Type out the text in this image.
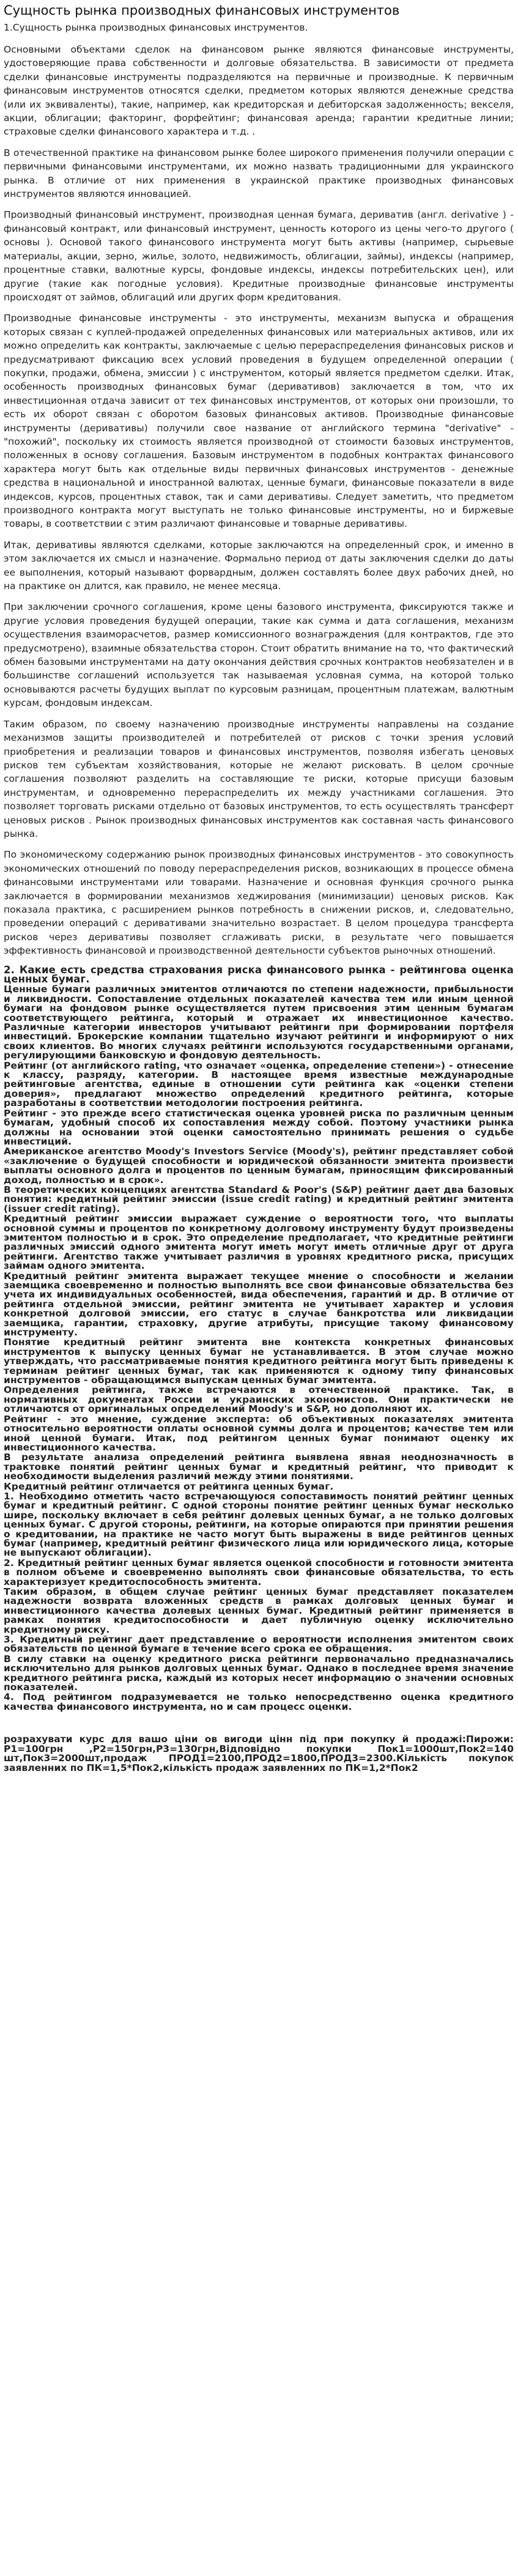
Сущность рынка производных финансовых инструментов
1.Сущность рынка производных финансовых инструментов.

Основными объектами сделок на финансовом рынке являются финансовые инструменты, удостоверяющие права собственности и долговые обязательства. В зависимости от предмета сделки финансовые инструменты подразделяются на первичные и производные. К первичным финансовым инструментов относятся сделки, предметом которых являются денежные средства (или их эквиваленты), такие, например, как кредиторская и дебиторская задолженность; векселя, акции, облигации; факторинг, форфейтинг; финансовая аренда; гарантии кредитные линии; страховые сделки финансового характера и т.д. .

В отечественной практике на финансовом рынке более широкого применения получили операции с первичными финансовыми инструментами, их можно назвать традиционными для украинского рынка. В отличие от них применения в украинской практике производных финансовых инструментов являются инновацией.

Производный финансовый инструмент, производная ценная бумага, дериватив (англ. derivative ) - финансовый контракт, или финансовый инструмент, ценность которого из цены чего-то другого ( основы ). Основой такого финансового инструмента могут быть активы (например, сырьевые материалы, акции, зерно, жилье, золото, недвижимость, облигации, займы), индексы (например, процентные ставки, валютные курсы, фондовые индексы, индексы потребительских цен), или другие (такие как погодные условия). Кредитные производные финансовые инструменты происходят от займов, облигаций или других форм кредитования.

Производные финансовые инструменты - это инструменты, механизм выпуска и обращения которых связан с куплей-продажей определенных финансовых или материальных активов, или их можно определить как контракты, заключаемые с целью перераспределения финансовых рисков и предусматривают фиксацию всех условий проведения в будущем определенной операции ( покупки, продажи, обмена, эмиссии ) с инструментом, который является предметом сделки. Итак, особенность производных финансовых бумаг (деривативов) заключается в том, что их инвестиционная отдача зависит от тех финансовых инструментов, от которых они произошли, то есть их оборот связан с оборотом базовых финансовых активов. Производные финансовые инструменты (деривативы) получили свое название от английского термина "derivative" - "похожий", поскольку их стоимость является производной от стоимости базовых инструментов, положенных в основу соглашения. Базовым инструментом в подобных контрактах финансового характера могут быть как отдельные виды первичных финансовых инструментов - денежные средства в национальной и иностранной валютах, ценные бумаги, финансовые показатели в виде индексов, курсов, процентных ставок, так и сами деривативы. Следует заметить, что предметом производного контракта могут выступать не только финансовые инструменты, но и биржевые товары, в соответствии с этим различают финансовые и товарные деривативы.

Итак, деривативы являются сделками, которые заключаются на определенный срок, и именно в этом заключается их смысл и назначение. Формально период от даты заключения сделки до даты ее выполнения, который называют форвардным, должен составлять более двух рабочих дней, но на практике он длится, как правило, не менее месяца.

При заключении срочного соглашения, кроме цены базового инструмента, фиксируются также и другие условия проведения будущей операции, такие как сумма и дата соглашения, механизм осуществления взаиморасчетов, размер комиссионного вознаграждения (для контрактов, где это предусмотрено), взаимные обязательства сторон. Стоит обратить внимание на то, что фактический обмен базовыми инструментами на дату окончания действия срочных контрактов необязателен и в большинстве соглашений используется так называемая условная сумма, на которой только основываются расчеты будущих выплат по курсовым разницам, процентным платежам, валютным курсам, фондовым индексам.

Таким образом, по своему назначению производные инструменты направлены на создание механизмов защиты производителей и потребителей от рисков с точки зрения условий приобретения и реализации товаров и финансовых инструментов, позволяя избегать ценовых рисков тем субъектам хозяйствования, которые не желают рисковать. В целом срочные соглашения позволяют разделить на составляющие те риски, которые присущи базовым инструментам, и одновременно перераспределить их между участниками соглашения. Это позволяет торговать рисками отдельно от базовых инструментов, то есть осуществлять трансферт ценовых рисков . Рынок производных финансовых инструментов как составная часть финансового рынка.

По экономическому содержанию рынок производных финансовых инструментов - это совокупность экономических отношений по поводу перераспределения рисков, возникающих в процессе обмена финансовыми инструментами или товарами. Назначение и основная функция срочного рынка заключается в формировании механизмов хеджирования (минимизации) ценовых рисков. Как показала практика, с расширением рынков потребность в снижении рисков, и, следовательно, проведении операций с деривативами значительно возрастает. В целом процедура трансферта рисков через деривативы позволяет сглаживать риски, в результате чего повышается эффективность финансовой и производственной деятельности субъектов рыночных отношений.

2. Какие есть средства страхования риска финансового рынка - рейтингова оценка ценных бумаг.

Ценные бумаги различных эмитентов отличаются по степени надежности, прибыльности и ликвидности. Сопоставление отдельных показателей качества тем или иным ценной бумаги на фондовом рынке осуществляется путем присвоения этим ценным бумагам соответствующего рейтинга, который и отражает их инвестиционное качество. Различные категории инвесторов учитывают рейтинги при формировании портфеля инвестиций. Брокерские компании тщательно изучают рейтинги и информируют о них своих клиентов. Во многих случаях рейтинги используются государственными органами, регулирующими банковскую и фондовую деятельность.

Рейтинг (от английского rating, что означает «оценка, определение степени») - отнесение к классу, разряду, категории. В настоящее время известные международные рейтинговые агентства, единые в отношении сути рейтинга как «оценки степени доверия», предлагают множество определений кредитного рейтинга, которые разработаны в соответствии методологии построения рейтинга.

Рейтинг - это прежде всего статистическая оценка уровней риска по различным ценным бумагам, удобный способ их сопоставления между собой. Поэтому участники рынка должны на основании этой оценки самостоятельно принимать решения о судьбе инвестиций.

Американское агентство Moody's Investors Service (Moody's), рейтинг представляет собой «заключение о будущей способности и юридической обязанности эмитента произвести выплаты основного долга и процентов по ценным бумагам, приносящим фиксированный доход, полностью и в срок».

В теоретических концепциях агентства Standard & Poor's (S&P) рейтинг дает два базовых понятия: кредитный рейтинг эмиссии (issue credit rating) и кредитный рейтинг эмитента (issuer credit rating).

Кредитный рейтинг эмиссии выражает суждение о вероятности того, что выплаты основной суммы и процентов по конкретному долговому инструменту будут произведены эмитентом полностью и в срок. Это определение предполагает, что кредитные рейтинги различных эмиссий одного эмитента могут иметь могут иметь отличные друг от друга рейтинги. Агентство также учитывает различия в уровнях кредитного риска, присущих займам одного эмитента.

Кредитный рейтинг эмитента выражает текущее мнение о способности и желании заемщика своевременно и полностью выполнять все свои финансовые обязательства без учета их индивидуальных особенностей, вида обеспечения, гарантий и др. В отличие от рейтинга отдельной эмиссии, рейтинг эмитента не учитывает характер и условия конкретной долговой эмиссии, его статус в случае банкротства или ликвидации заемщика, гарантии, страховку, другие атрибуты, присущие такому финансовому инструменту.

Понятие кредитный рейтинг эмитента вне контекста конкретных финансовых инструментов к выпуску ценных бумаг не устанавливается. В этом случае можно утверждать, что рассматриваемые понятия кредитного рейтинга могут быть приведены к терминам рейтинг ценных бумаг, так как применяются к одному типу финансовых инструментов - обращающимся выпускам ценных бумаг эмитента.

Определения рейтинга, также встречаются в отечественной практике. Так, в нормативных документах России и украинских экономистов. Они практически не отличаются от оригинальных определений Moody's и S&P, но дополняют их.

Рейтинг - это мнение, суждение эксперта: об объективных показателях эмитента относительно вероятности оплаты основной суммы долга и процентов; качестве тем или иной ценной бумаги. Итак, под рейтингом ценных бумаг понимают оценку их инвестиционного качества.

В результате анализа определений рейтинга выявлена явная неоднозначность в трактовке понятий рейтинг ценных бумаг и кредитный рейтинг, что приводит к необходимости выделения различий между этими понятиями.

Кредитный рейтинг отличается от рейтинга ценных бумаг.

1. Необходимо отметить часто встречающуюся сопоставимость понятий рейтинг ценных бумаг и кредитный рейтинг. С одной стороны понятие рейтинг ценных бумаг несколько шире, поскольку включает в себя рейтинг долевых ценных бумаг, а не только долговых ценных бумаг. С другой стороны, рейтинги, на которые опираются при принятии решения о кредитовании, на практике не часто могут быть выражены в виде рейтингов ценных бумаг (например, кредитный рейтинг физического лица или юридического лица, которые не выпускают облигации).

2. Кредитный рейтинг ценных бумаг является оценкой способности и готовности эмитента в полном объеме и своевременно выполнять свои финансовые обязательства, то есть характеризует кредитоспособность эмитента.

Таким образом, в общем случае рейтинг ценных бумаг представляет показателем надежности возврата вложенных средств в рамках долговых ценных бумаг и инвестиционного качества долевых ценных бумаг. Кредитный рейтинг применяется в рамках понятия кредитоспособности и дает публичную оценку исключительно кредитному риску.

3. Кредитный рейтинг дает представление о вероятности исполнения эмитентом своих обязательств по ценной бумаге в течение всего срока ее обращения.

В силу ставки на оценку кредитного риска рейтинги первоначально предназначались исключительно для рынков долговых ценных бумаг. Однако в последнее время значение кредитного рейтинга риска, каждый из которых несет информацию о значении основных показателей.

4. Под рейтингом подразумевается не только непосредственно оценка кредитного качества финансового инструмента, но и сам процесс оценки.

розрахувати курс для вашо ціни ов вигоди цінн під при покупку й продажі:Пирожи: Р1=100грн ,Р2=150грн,Р3=130грн,Відповідно покупки Пок1=1000шт,Пок2=140 шт,Пок3=2000шт,продаж ПРОД1=2100,ПРОД2=1800,ПРОД3=2300.Кількість покупок заявленних по ПК=1,5*Пок2,кількість продаж заявленних по ПК=1,2*Пок2
